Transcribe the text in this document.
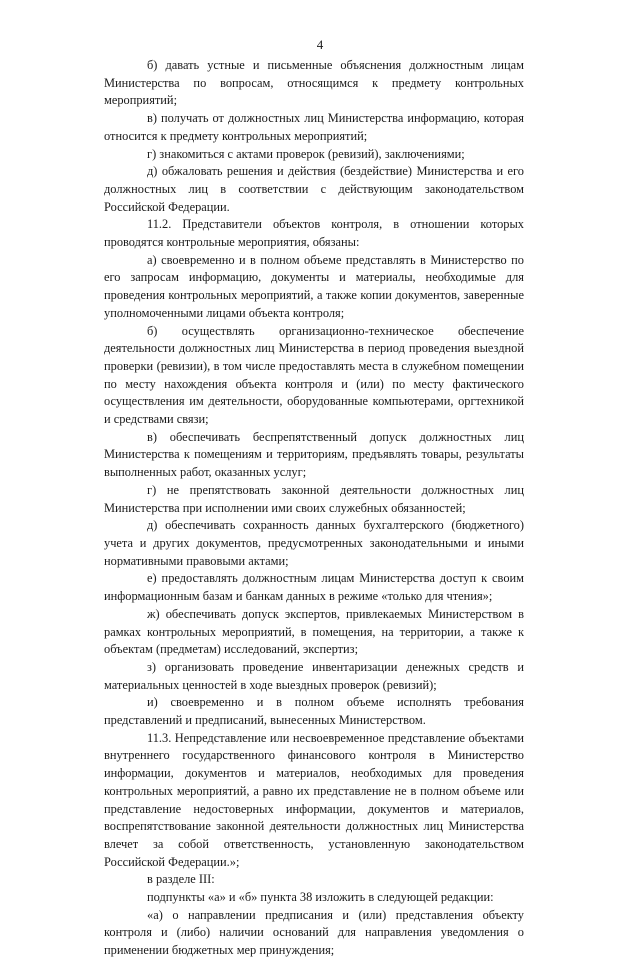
4

б) давать устные и письменные объяснения должностным лицам Министерства по вопросам, относящимся к предмету контрольных мероприятий;

в) получать от должностных лиц Министерства информацию, которая относится к предмету контрольных мероприятий;

г) знакомиться с актами проверок (ревизий), заключениями;

д) обжаловать решения и действия (бездействие) Министерства и его должностных лиц в соответствии с действующим законодательством Российской Федерации.

11.2. Представители объектов контроля, в отношении которых проводятся контрольные мероприятия, обязаны:

а) своевременно и в полном объеме представлять в Министерство по его запросам информацию, документы и материалы, необходимые для проведения контрольных мероприятий, а также копии документов, заверенные уполномоченными лицами объекта контроля;

б) осуществлять организационно-техническое обеспечение деятельности должностных лиц Министерства в период проведения выездной проверки (ревизии), в том числе предоставлять места в служебном помещении по месту нахождения объекта контроля и (или) по месту фактического осуществления им деятельности, оборудованные компьютерами, оргтехникой и средствами связи;

в) обеспечивать беспрепятственный допуск должностных лиц Министерства к помещениям и территориям, предъявлять товары, результаты выполненных работ, оказанных услуг;

г) не препятствовать законной деятельности должностных лиц Министерства при исполнении ими своих служебных обязанностей;

д) обеспечивать сохранность данных бухгалтерского (бюджетного) учета и других документов, предусмотренных законодательными и иными нормативными правовыми актами;

е) предоставлять должностным лицам Министерства доступ к своим информационным базам и банкам данных в режиме «только для чтения»;

ж) обеспечивать допуск экспертов, привлекаемых Министерством в рамках контрольных мероприятий, в помещения, на территории, а также к объектам (предметам) исследований, экспертиз;

з) организовать проведение инвентаризации денежных средств и материальных ценностей в ходе выездных проверок (ревизий);

и) своевременно и в полном объеме исполнять требования представлений и предписаний, вынесенных Министерством.

11.3. Непредставление или несвоевременное представление объектами внутреннего государственного финансового контроля в Министерство информации, документов и материалов, необходимых для проведения контрольных мероприятий, а равно их представление не в полном объеме или представление недостоверных информации, документов и материалов, воспрепятствование законной деятельности должностных лиц Министерства влечет за собой ответственность, установленную законодательством Российской Федерации.»;

в разделе III:

подпункты «а» и «б» пункта 38 изложить в следующей редакции:

«а) о направлении предписания и (или) представления объекту контроля и (либо) наличии оснований для направления уведомления о применении бюджетных мер принуждения;
